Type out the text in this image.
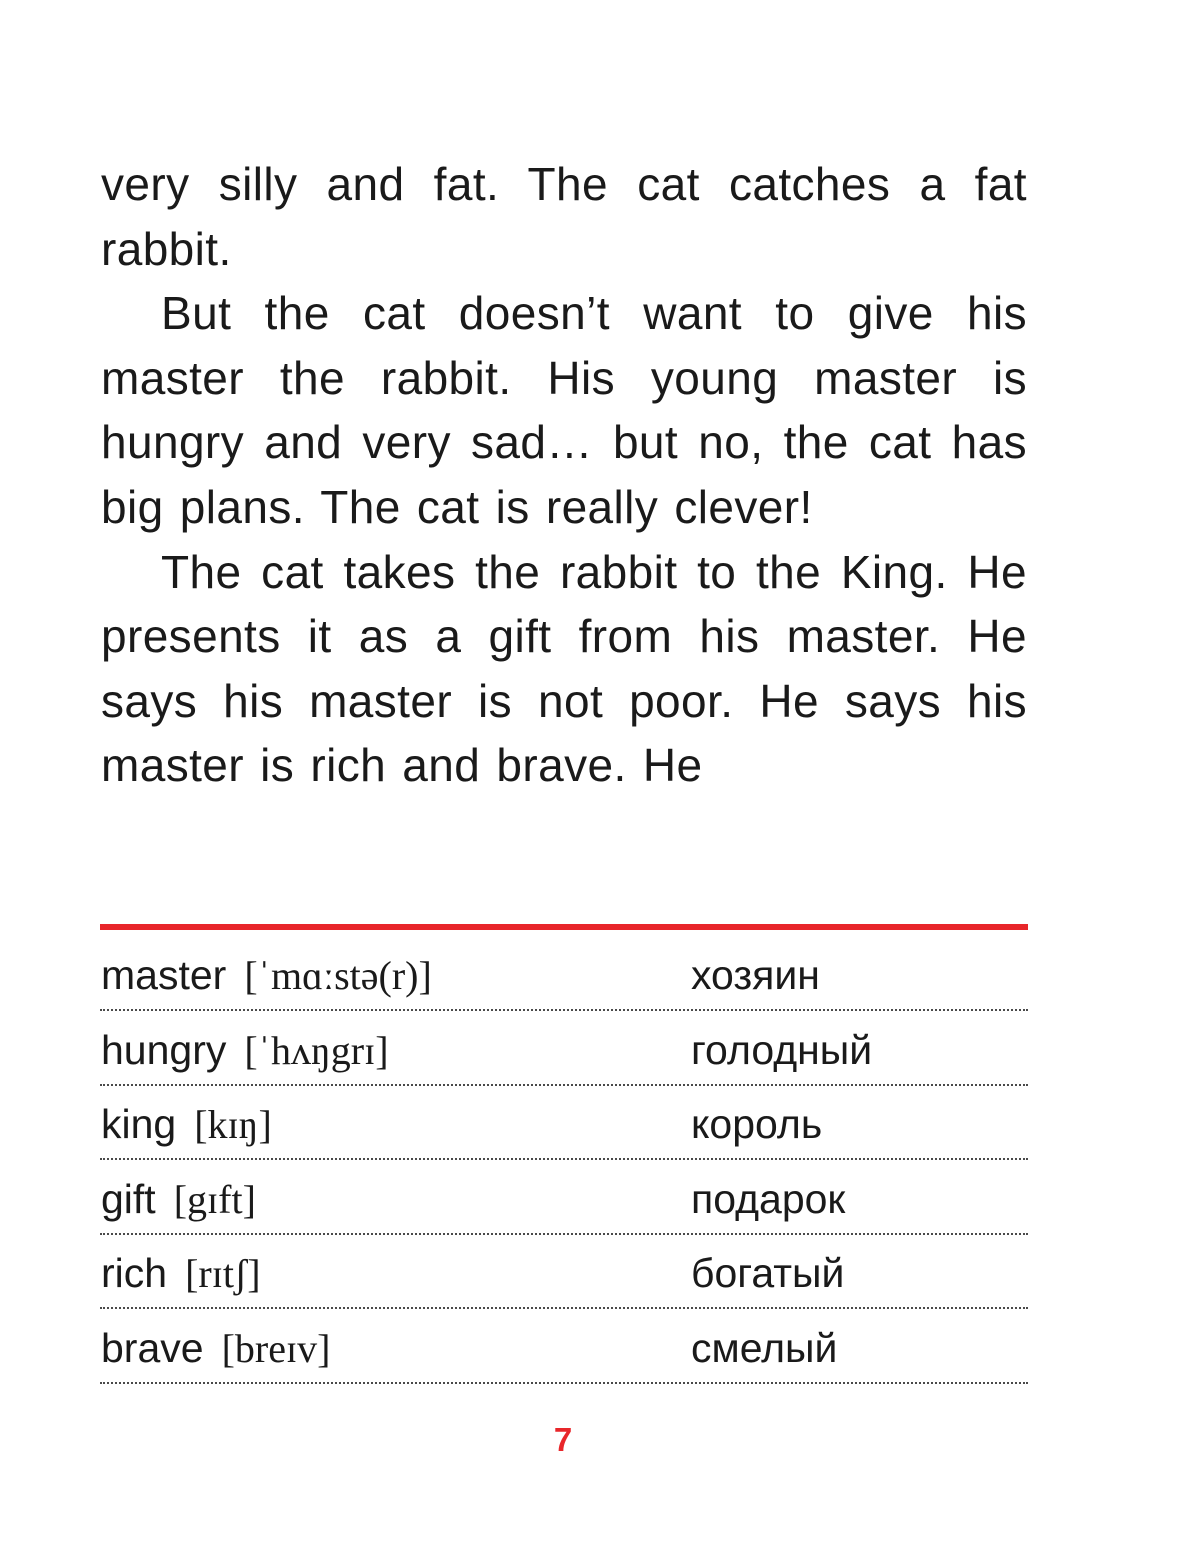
very silly and fat. The cat catches a fat rabbit.

But the cat doesn’t want to give his master the rabbit. His young master is hungry and very sad… but no, the cat has big plans. The cat is really clever!

The cat takes the rabbit to the King. He presents it as a gift from his master. He says his master is not poor. He says his master is rich and brave. He

master [ˈmɑːstə(r)]	хозяин
hungry [ˈhʌŋgrɪ]	голодный
king [kɪŋ]	король
gift [gɪft]	подарок
rich [rɪtʃ]	богатый
brave [breɪv]	смелый
7
